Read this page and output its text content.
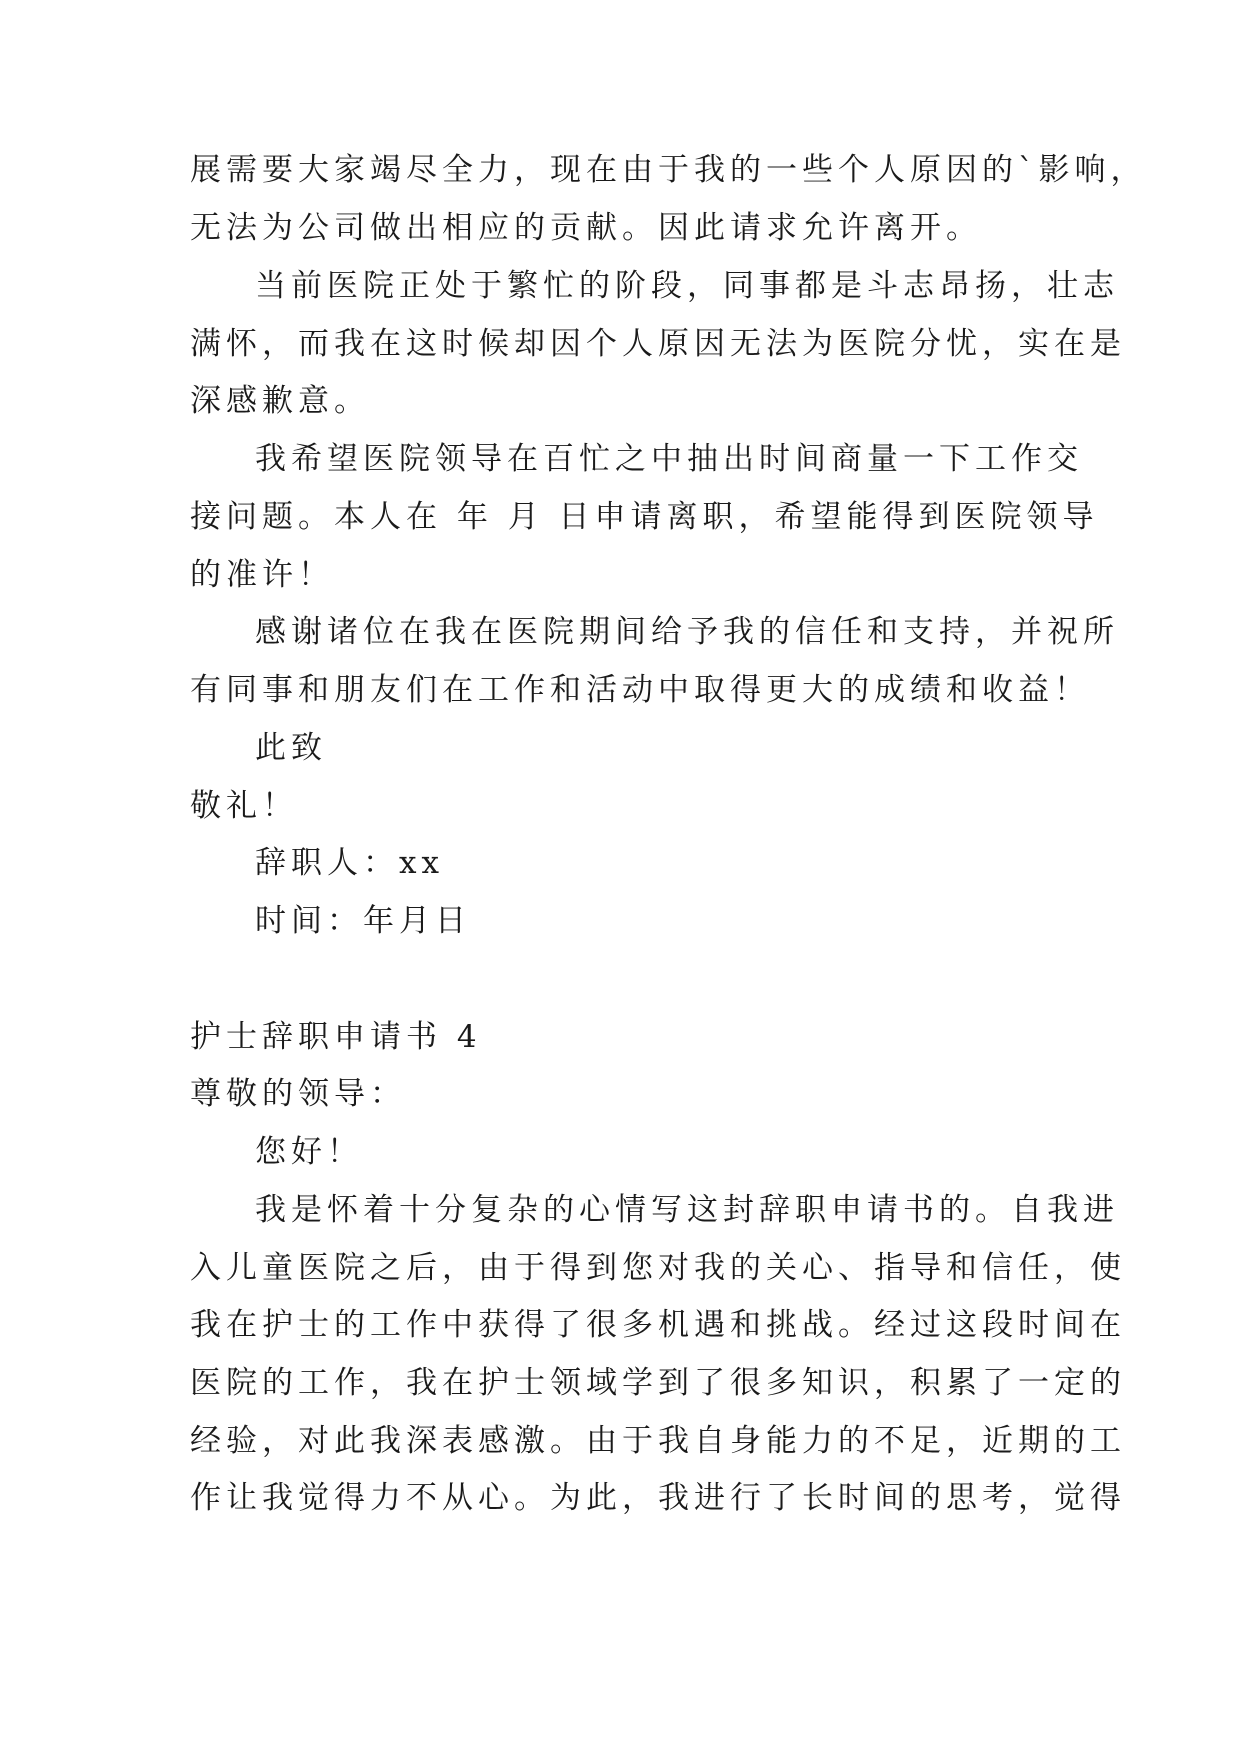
展需要大家竭尽全力，现在由于我的一些个人原因的`影响，
无法为公司做出相应的贡献。因此请求允许离开。
当前医院正处于繁忙的阶段，同事都是斗志昂扬，壮志
满怀，而我在这时候却因个人原因无法为医院分忧，实在是
深感歉意。
我希望医院领导在百忙之中抽出时间商量一下工作交
接问题。本人在 年 月 日申请离职，希望能得到医院领导
的准许！
感谢诸位在我在医院期间给予我的信任和支持，并祝所
有同事和朋友们在工作和活动中取得更大的成绩和收益！
此致
敬礼！
辞职人：xx
时间：年月日
护士辞职申请书 4
尊敬的领导：
您好！
我是怀着十分复杂的心情写这封辞职申请书的。自我进
入儿童医院之后，由于得到您对我的关心、指导和信任，使
我在护士的工作中获得了很多机遇和挑战。经过这段时间在
医院的工作，我在护士领域学到了很多知识，积累了一定的
经验，对此我深表感激。由于我自身能力的不足，近期的工
作让我觉得力不从心。为此，我进行了长时间的思考，觉得
